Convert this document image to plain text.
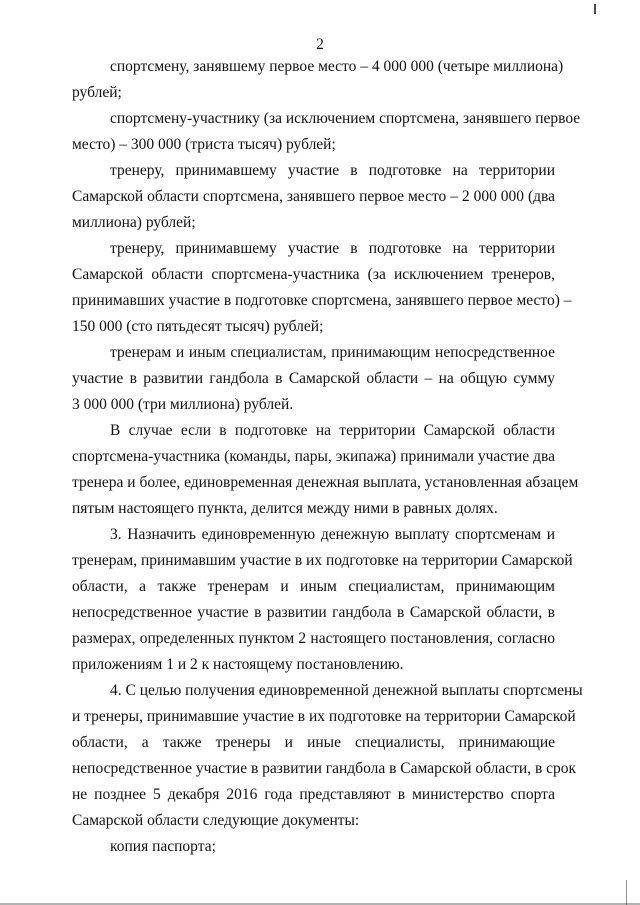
2
спортсмену, занявшему первое место – 4 000 000 (четыре миллиона)
рублей;
спортсмену-участнику (за исключением спортсмена, занявшего первое
место) – 300 000 (триста тысяч) рублей;
тренеру, принимавшему участие в подготовке на территории
Самарской области спортсмена, занявшего первое место – 2 000 000 (два
миллиона) рублей;
тренеру, принимавшему участие в подготовке на территории
Самарской области спортсмена-участника (за исключением тренеров,
принимавших участие в подготовке спортсмена, занявшего первое место) –
150 000 (сто пятьдесят тысяч) рублей;
тренерам и иным специалистам, принимающим непосредственное
участие в развитии гандбола в Самарской области – на общую сумму
3 000 000 (три миллиона) рублей.
В случае если в подготовке на территории Самарской области
спортсмена-участника (команды, пары, экипажа) принимали участие два
тренера и более, единовременная денежная выплата, установленная абзацем
пятым настоящего пункта, делится между ними в равных долях.
3. Назначить единовременную денежную выплату спортсменам и
тренерам, принимавшим участие в их подготовке на территории Самарской
области, а также тренерам и иным специалистам, принимающим
непосредственное участие в развитии гандбола в Самарской области, в
размерах, определенных пунктом 2 настоящего постановления, согласно
приложениям 1 и 2 к настоящему постановлению.
4. С целью получения единовременной денежной выплаты спортсмены
и тренеры, принимавшие участие в их подготовке на территории Самарской
области, а также тренеры и иные специалисты, принимающие
непосредственное участие в развитии гандбола в Самарской области, в срок
не позднее 5 декабря 2016 года представляют в министерство спорта
Самарской области следующие документы:
копия паспорта;
